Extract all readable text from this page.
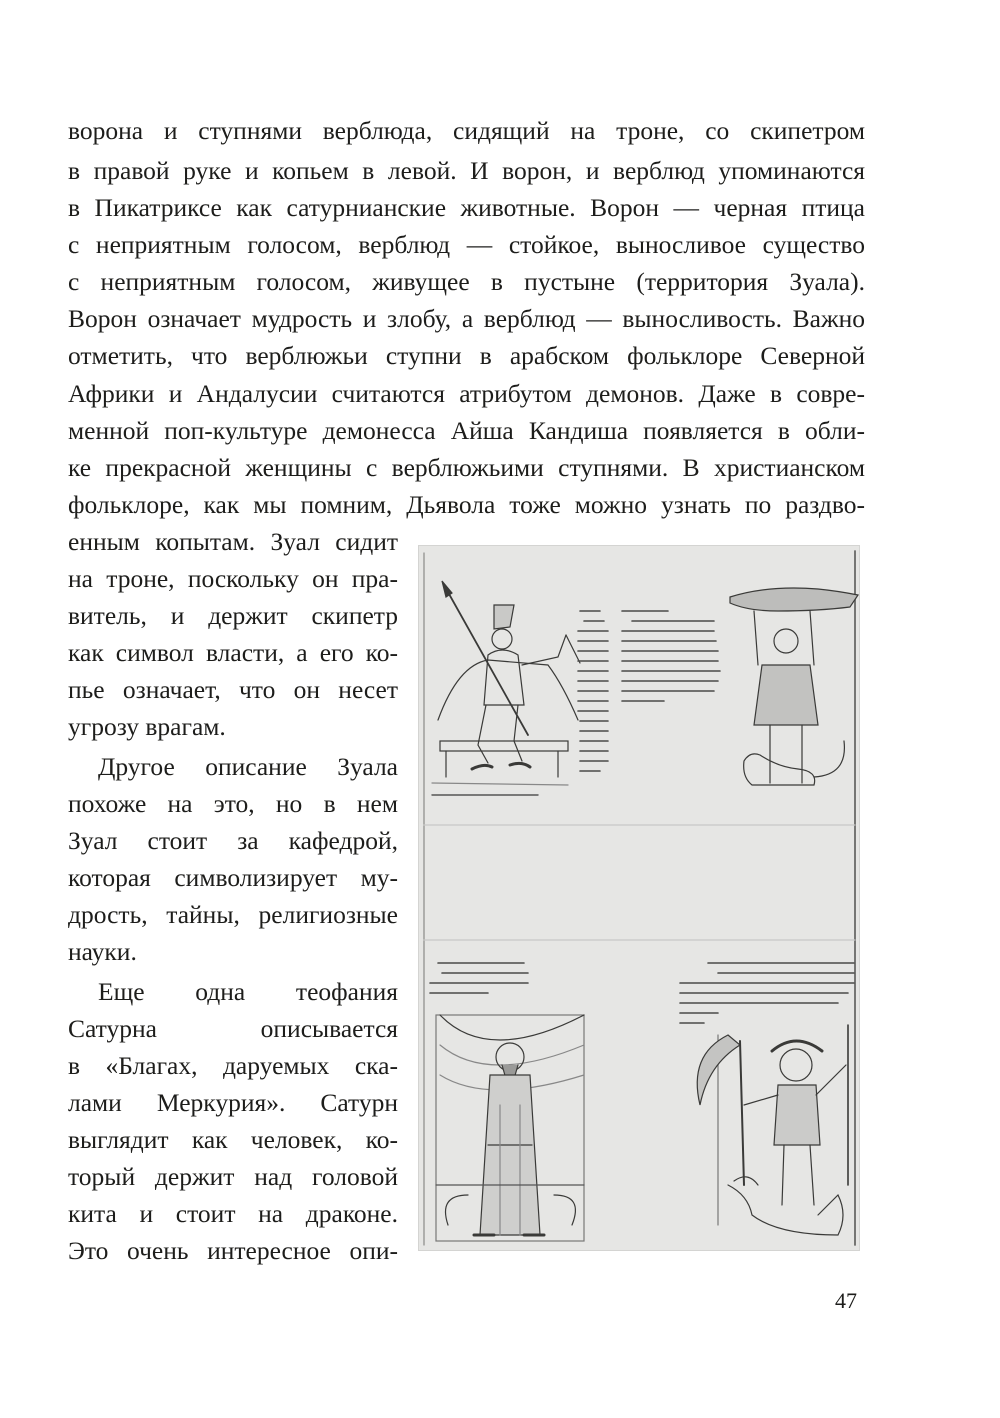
ворона и ступнями верблюда, сидящий на троне, со скипетром
в правой руке и копьем в левой. И ворон, и верблюд упоминаются
в Пикатриксе как сатурнианские животные. Ворон — черная птица
с неприятным голосом, верблюд — стойкое, выносливое существо
с неприятным голосом, живущее в пустыне (территория Зуала).
Ворон означает мудрость и злобу, а верблюд — выносливость. Важно
отметить, что верблюжьи ступни в арабском фольклоре Северной
Африки и Андалусии считаются атрибутом демонов. Даже в совре-
менной поп-культуре демонесса Айша Кандиша появляется в обли-
ке прекрасной женщины с верблюжьими ступнями. В христианском
фольклоре, как мы помним, Дьявола тоже можно узнать по раздво-
енным копытам. Зуал сидит
на троне, поскольку он пра-
витель, и держит скипетр
как символ власти, а его ко-
пье означает, что он несет
угрозу врагам.
Другое описание Зуала
похоже на это, но в нем
Зуал стоит за кафедрой,
которая символизирует му-
дрость, тайны, религиозные
науки.
Еще одна теофания
Сатурна описывается
в «Благах, даруемых ска-
лами Меркурия». Сатурн
выглядит как человек, ко-
торый держит над головой
кита и стоит на драконе.
Это очень интересное опи-
47
